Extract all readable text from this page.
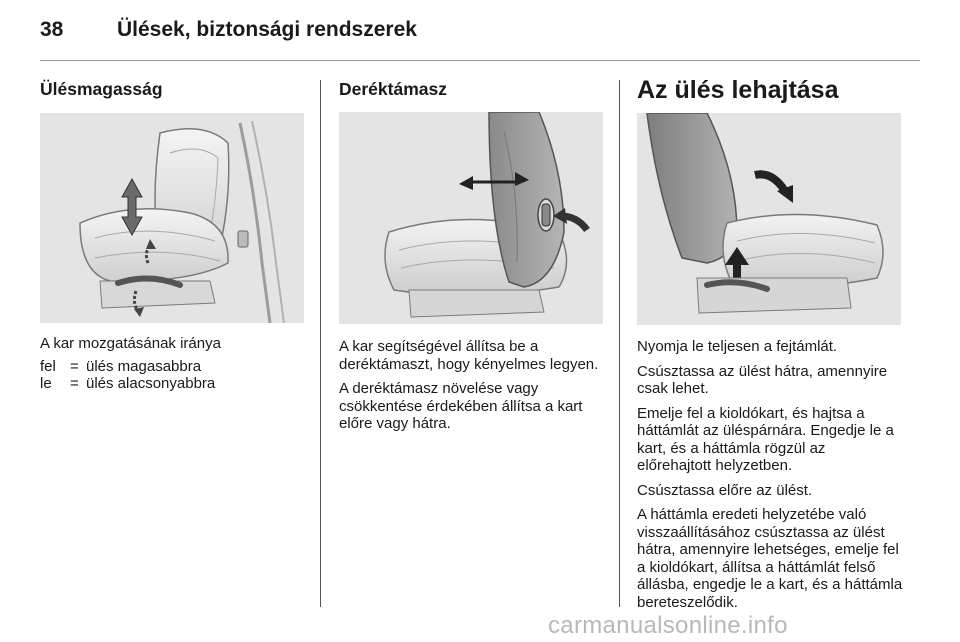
38	Ülések, biztonsági rendszerek
Ülésmagasság

A kar mozgatásának iránya

fel	=	ülés magasabbra
le	=	ülés alacsonyabbra
Deréktámasz

A kar segítségével állítsa be a deréktámaszt, hogy kényelmes legyen.

A deréktámasz növelése vagy csökkentése érdekében állítsa a kart előre vagy hátra.

Az ülés lehajtása

Nyomja le teljesen a fejtámlát.

Csúsztassa az ülést hátra, amennyire csak lehet.

Emelje fel a kioldókart, és hajtsa a háttámlát az üléspárnára. Engedje le a kart, és a háttámla rögzül az előrehajtott helyzetben.

Csúsztassa előre az ülést.

A háttámla eredeti helyzetébe való visszaállításához csúsztassa az ülést hátra, amennyire lehetséges, emelje fel a kioldókart, állítsa a háttámlát felső állásba, engedje le a kart, és a háttámla bereteszelődik.

carmanualsonline.info
